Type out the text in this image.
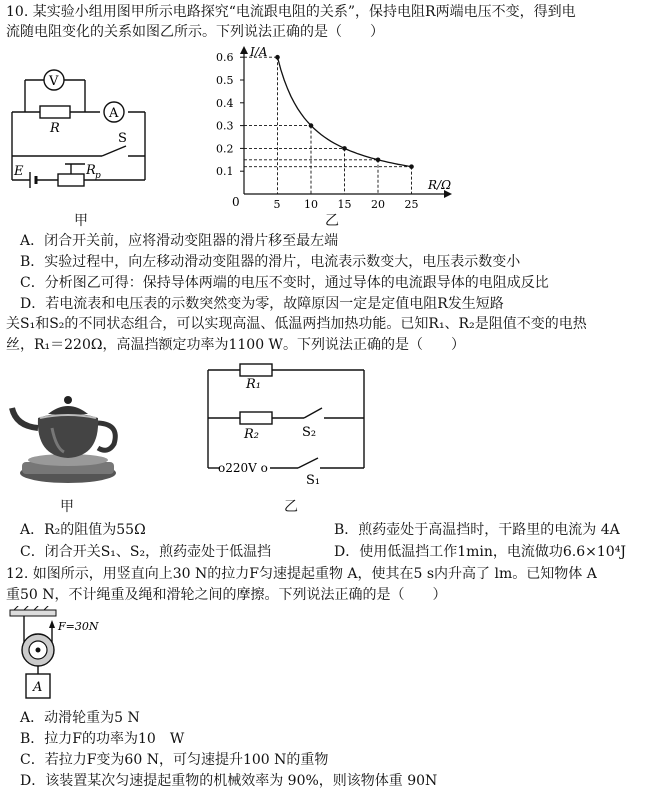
10. 某实验小组用图甲所示电路探究“电流跟电阻的关系”，保持电阻R两端电压不变，得到电
流随电阻变化的关系如图乙所示。下列说法正确的是（　　）
V
A
R
S
E	R p
甲
I/A
R/Ω
0
0.6
0.5
0.4
0.3
0.2
0.1
5 10 15 20 25
乙
A．闭合开关前，应将滑动变阻器的滑片移至最左端
B．实验过程中，向左移动滑动变阻器的滑片，电流表示数变大，电压表示数变小
C．分析图乙可得：保持导体两端的电压不变时，通过导体的电流跟导体的电阻成反比
D．若电流表和电压表的示数突然变为零，故障原因一定是定值电阻R发生短路
关S₁和S₂的不同状态组合，可以实现高温、低温两挡加热功能。已知R₁、R₂是阻值不变的电热
丝，R₁＝220Ω，高温挡额定功率为1100 W。下列说法正确的是（　　）
甲
R₁
R₂	S₂
S₁
o220V o
乙
A．R₂的阻值为55Ω	B．煎药壶处于高温挡时，干路里的电流为 4A
C．闭合开关S₁、S₂，煎药壶处于低温挡	D．使用低温挡工作1min，电流做功6.6×10⁴J
12. 如图所示，用竖直向上30 N的拉力F匀速提起重物 A，使其在5 s内升高了 lm。已知物体 A
重50 N，不计绳重及绳和滑轮之间的摩擦。下列说法正确的是（　　）
F=30N
A
A．动滑轮重为5 N
B．拉力F的功率为10　W
C．若拉力F变为60 N，可匀速提升100 N的重物
D．该装置某次匀速提起重物的机械效率为 90%，则该物体重 90N
